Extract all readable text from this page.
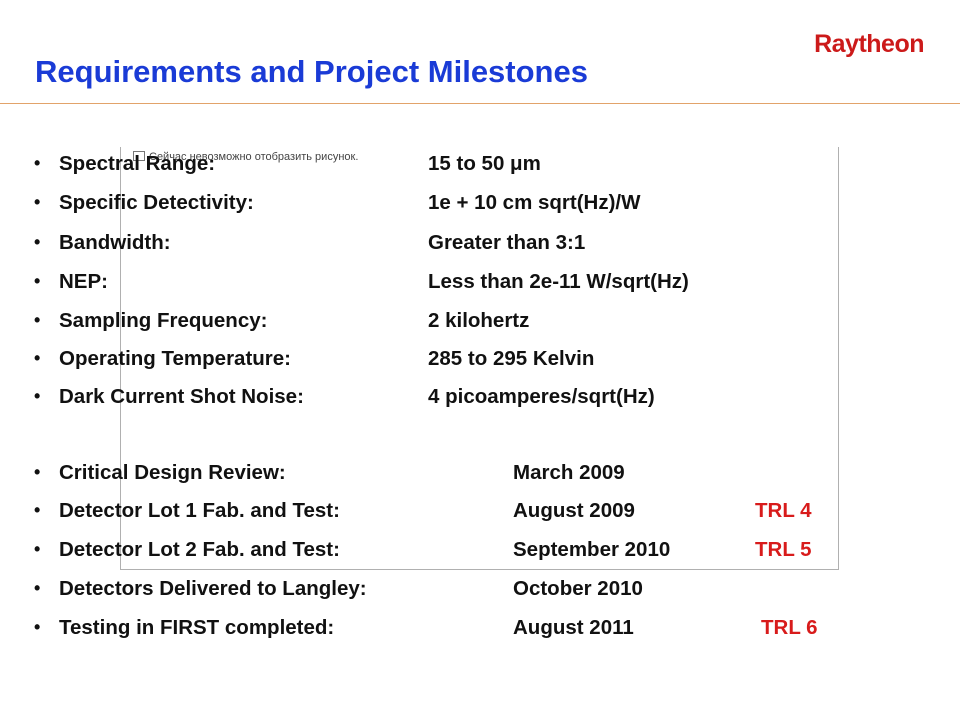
Raytheon
Requirements and Project Milestones
Сейчас невозможно отобразить рисунок.
• Spectral Range:	15 to 50 μm
• Specific Detectivity:	1e + 10 cm sqrt(Hz)/W
• Bandwidth:	Greater than 3:1
• NEP:	Less than 2e-11 W/sqrt(Hz)
• Sampling Frequency:	2 kilohertz
• Operating Temperature:	285 to 295 Kelvin
• Dark Current Shot Noise:	4 picoamperes/sqrt(Hz)
• Critical Design Review:	March 2009
• Detector Lot 1 Fab. and Test:	August 2009	TRL 4
• Detector Lot 2 Fab. and Test:	September 2010	TRL 5
• Detectors Delivered to Langley:	October 2010
• Testing in FIRST completed:	August 2011	TRL 6
